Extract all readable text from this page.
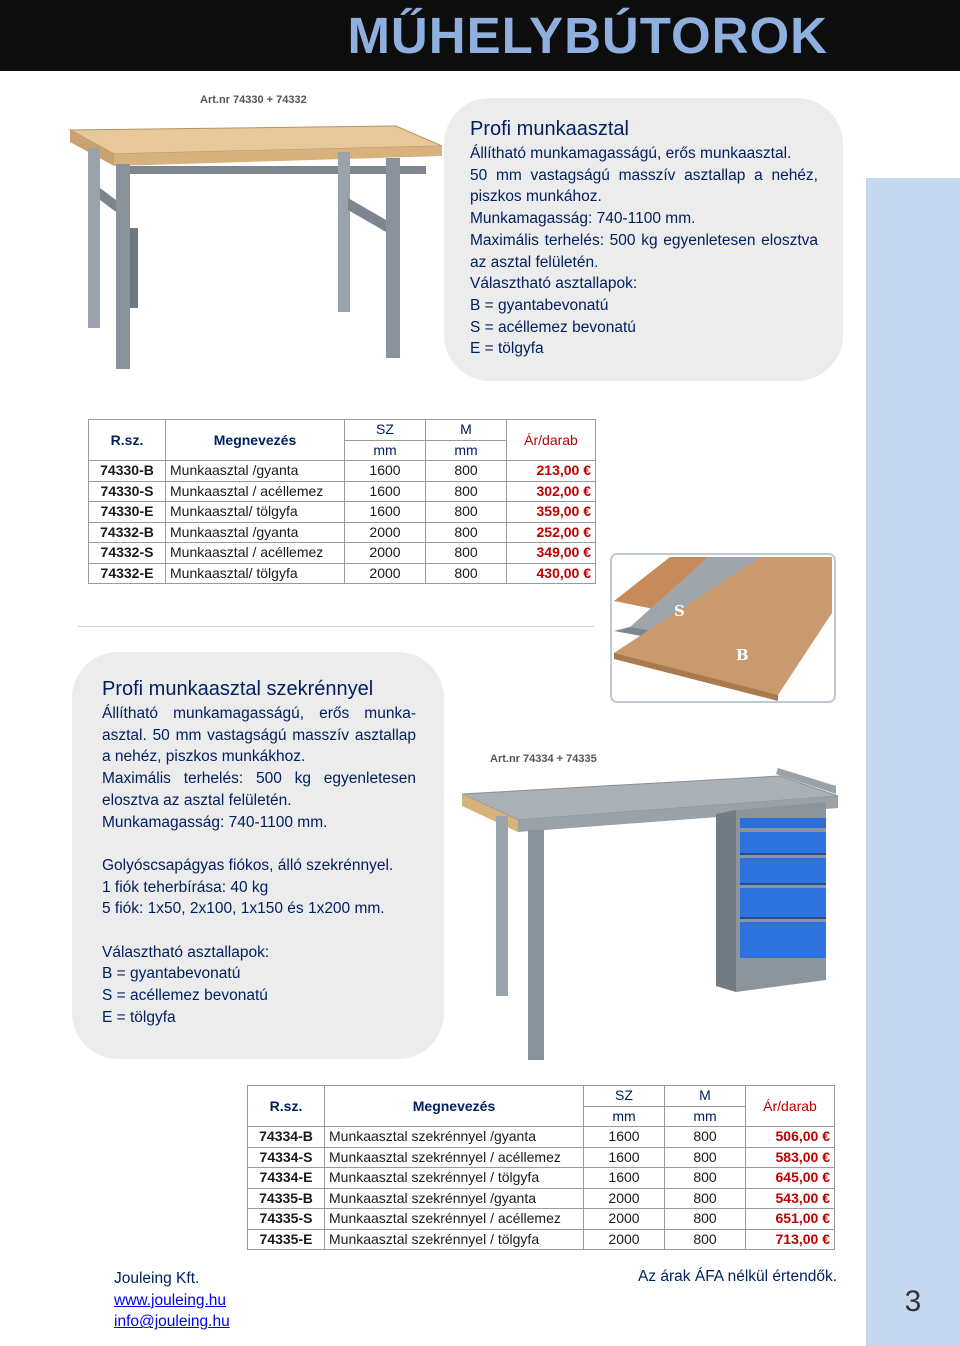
MŰHELYBÚTOROK
3
Art.nr 74330 + 74332
Profi munkaasztal

Állítható munkamagasságú, erős munkaasztal.

50 mm vastagságú masszív asztallap a nehéz, piszkos munkához.

Munkamagasság: 740-1100 mm.

Maximális terhelés: 500 kg egyenletesen elosztva az asztal felületén.

Választható asztallapok:

B = gyantabevonatú

S = acéllemez bevonatú

E = tölgyfa

R.sz.	Megnevezés	SZ	M	Ár/darab
		mm	mm	
74330-B	Munkaasztal /gyanta	1600	800	213,00 €
74330-S	Munkaasztal / acéllemez	1600	800	302,00 €
74330-E	Munkaasztal/ tölgyfa	1600	800	359,00 €
74332-B	Munkaasztal /gyanta	2000	800	252,00 €
74332-S	Munkaasztal / acéllemez	2000	800	349,00 €
74332-E	Munkaasztal/ tölgyfa	2000	800	430,00 € E
S
B
Profi munkaasztal szekrénnyel

Állítható munkamagasságú, erős munka-asztal. 50 mm vastagságú masszív asztallap a nehéz, piszkos munkákhoz.

Maximális terhelés: 500 kg egyenletesen elosztva az asztal felületén.

Munkamagasság: 740-1100 mm.

Golyóscsapágyas fiókos, álló szekrénnyel.

1 fiók teherbírása: 40 kg

5 fiók: 1x50, 2x100, 1x150 és 1x200 mm.

Választható asztallapok:

B = gyantabevonatú

S = acéllemez bevonatú

E = tölgyfa

Art.nr 74334 + 74335
R.sz.	Megnevezés	SZ	M	Ár/darab
		mm	mm	
74334-B	Munkaasztal szekrénnyel /gyanta	1600	800	506,00 €
74334-S	Munkaasztal szekrénnyel / acéllemez	1600	800	583,00 €
74334-E	Munkaasztal szekrénnyel / tölgyfa	1600	800	645,00 €
74335-B	Munkaasztal szekrénnyel /gyanta	2000	800	543,00 €
74335-S	Munkaasztal szekrénnyel / acéllemez	2000	800	651,00 €
74335-E	Munkaasztal szekrénnyel / tölgyfa	2000	800	713,00 €
Jouleing Kft.
www.jouleing.hu
info@jouleing.hu
Az árak ÁFA nélkül értendők.
